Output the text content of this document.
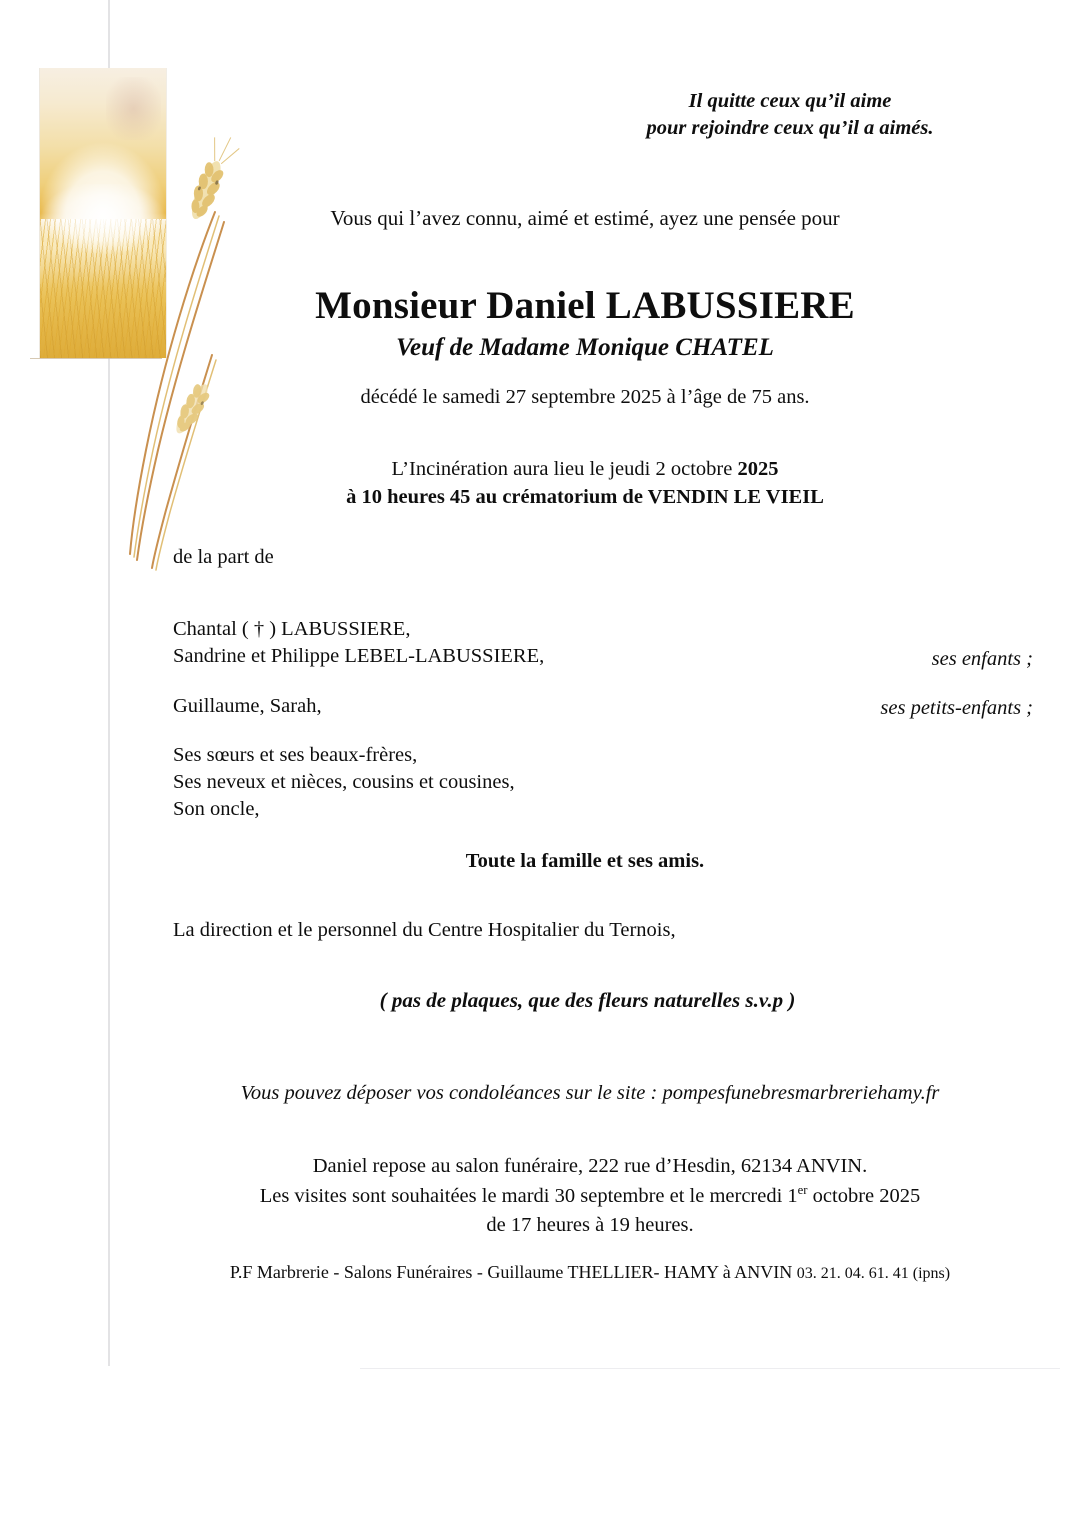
Il quitte ceux qu’il aime
pour rejoindre ceux qu’il a aimés.
Vous qui l’avez connu, aimé et estimé, ayez une pensée pour
Monsieur Daniel LABUSSIERE
Veuf de Madame Monique CHATEL
décédé le samedi 27 septembre 2025 à l’âge de 75 ans.
L’Incinération aura lieu le jeudi 2 octobre 2025
à 10 heures 45 au crématorium de VENDIN LE VIEIL
de la part de
Chantal ( † ) LABUSSIERE,
Sandrine et Philippe LEBEL-LABUSSIERE,	ses enfants ;
Guillaume, Sarah,	ses petits-enfants ;
Ses sœurs et ses beaux-frères,
Ses neveux et nièces, cousins et cousines,
Son oncle,
Toute la famille et ses amis.
La direction et le personnel du Centre Hospitalier du Ternois,
( pas de plaques, que des fleurs naturelles s.v.p )
Vous pouvez déposer vos condoléances sur le site : pompesfunebresmarbreriehamy.fr
Daniel repose au salon funéraire, 222 rue d’Hesdin, 62134 ANVIN.
Les visites sont souhaitées le mardi 30 septembre et le mercredi 1er octobre 2025
de 17 heures à 19 heures.
P.F Marbrerie - Salons Funéraires - Guillaume THELLIER- HAMY à ANVIN 03. 21. 04. 61. 41 (ipns)
